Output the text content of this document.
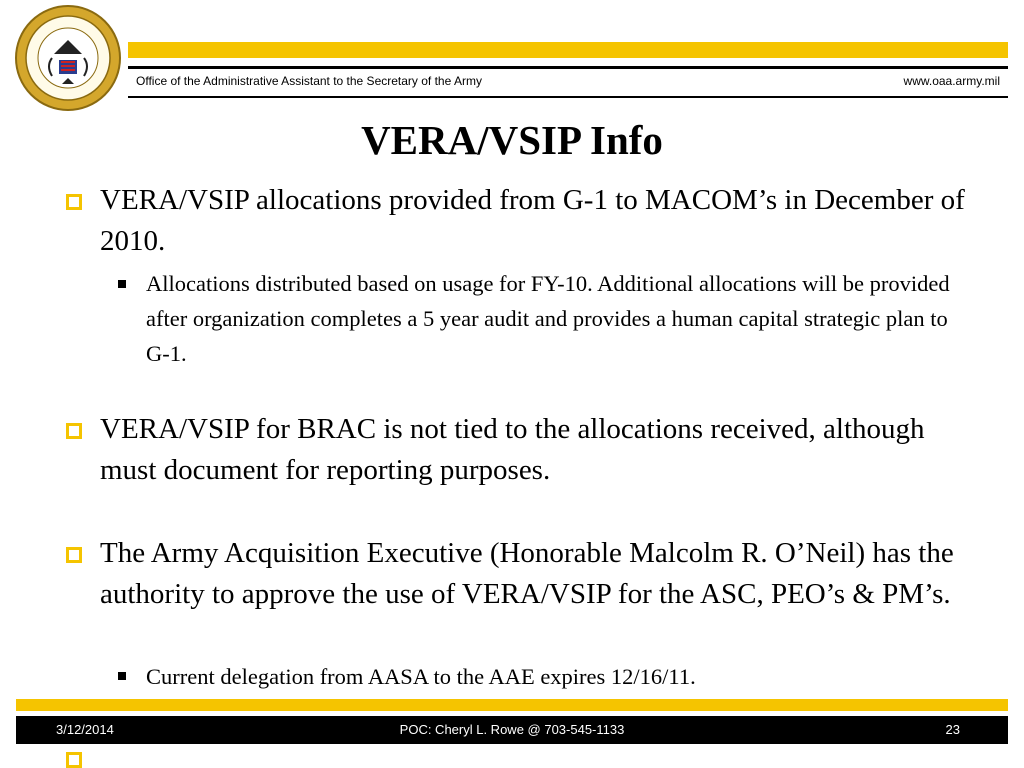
Office of the Administrative Assistant to the Secretary of the Army	www.oaa.army.mil
VERA/VSIP Info
VERA/VSIP allocations provided from G-1 to MACOM’s in December of 2010.
Allocations distributed based on usage for FY-10. Additional allocations will be provided after organization completes a 5 year audit and provides a human capital strategic plan to G-1.
VERA/VSIP for BRAC is not tied to the allocations received, although must document for reporting purposes.
The Army Acquisition Executive (Honorable Malcolm R. O’Neil) has the authority to approve the use of VERA/VSIP for the ASC, PEO’s & PM’s.
Current delegation from AASA to the AAE expires 12/16/11.
3/12/2014	POC: Cheryl L. Rowe @ 703-545-1133	23
